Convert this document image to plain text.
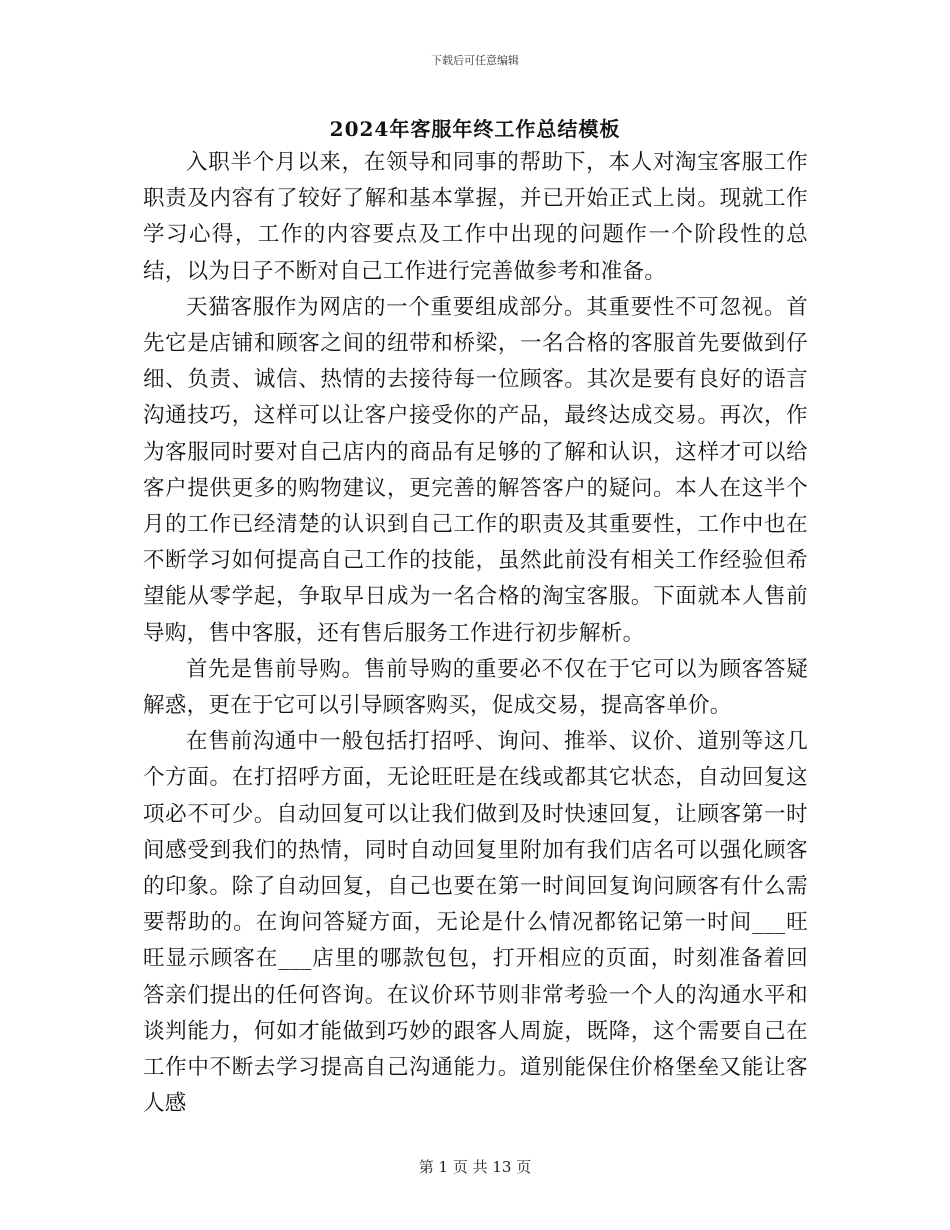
下载后可任意编辑
2024年客服年终工作总结模板

入职半个月以来，在领导和同事的帮助下，本人对淘宝客服工作职责及内容有了较好了解和基本掌握，并已开始正式上岗。现就工作学习心得，工作的内容要点及工作中出现的问题作一个阶段性的总结，以为日子不断对自己工作进行完善做参考和准备。

天猫客服作为网店的一个重要组成部分。其重要性不可忽视。首先它是店铺和顾客之间的纽带和桥梁，一名合格的客服首先要做到仔细、负责、诚信、热情的去接待每一位顾客。其次是要有良好的语言沟通技巧，这样可以让客户接受你的产品，最终达成交易。再次，作为客服同时要对自己店内的商品有足够的了解和认识，这样才可以给客户提供更多的购物建议，更完善的解答客户的疑问。本人在这半个月的工作已经清楚的认识到自己工作的职责及其重要性，工作中也在不断学习如何提高自己工作的技能，虽然此前没有相关工作经验但希望能从零学起，争取早日成为一名合格的淘宝客服。下面就本人售前导购，售中客服，还有售后服务工作进行初步解析。

首先是售前导购。售前导购的重要必不仅在于它可以为顾客答疑解惑，更在于它可以引导顾客购买，促成交易，提高客单价。

在售前沟通中一般包括打招呼、询问、推举、议价、道别等这几个方面。在打招呼方面，无论旺旺是在线或都其它状态，自动回复这项必不可少。自动回复可以让我们做到及时快速回复，让顾客第一时间感受到我们的热情，同时自动回复里附加有我们店名可以强化顾客的印象。除了自动回复，自己也要在第一时间回复询问顾客有什么需要帮助的。在询问答疑方面，无论是什么情况都铭记第一时间___旺旺显示顾客在___店里的哪款包包，打开相应的页面，时刻准备着回答亲们提出的任何咨询。在议价环节则非常考验一个人的沟通水平和谈判能力，何如才能做到巧妙的跟客人周旋，既降，这个需要自己在工作中不断去学习提高自己沟通能力。道别能保住价格堡垒又能让客人感

第 1 页 共 13 页
